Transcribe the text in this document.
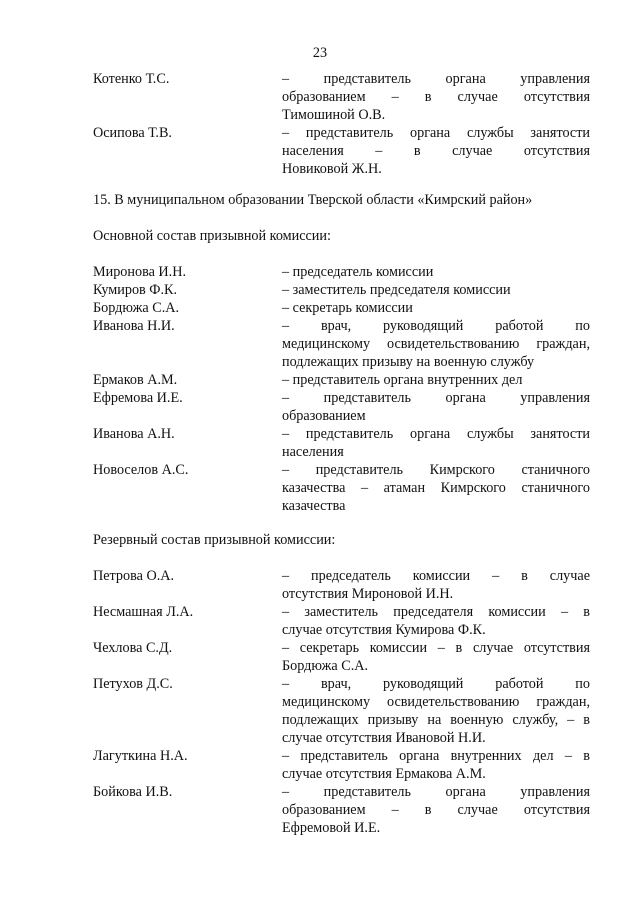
23
Котенко Т.С.	– представитель органа управления
образованием – в случае отсутствия
Тимошиной О.В.
Осипова Т.В.	– представитель органа службы занятости
населения – в случае отсутствия
Новиковой Ж.Н.
15. В муниципальном образовании Тверской области «Кимрский район»
Основной состав призывной комиссии:
Миронова И.Н.	– председатель комиссии
Кумиров Ф.К.	– заместитель председателя комиссии
Бордюжа С.А.	– секретарь комиссии
Иванова Н.И.	– врач, руководящий работой по
медицинскому освидетельствованию граждан,
подлежащих призыву на военную службу
Ермаков А.М.	– представитель органа внутренних дел
Ефремова И.Е.	– представитель органа управления
образованием
Иванова А.Н.	– представитель органа службы занятости
населения
Новоселов А.С.	– представитель Кимрского станичного
казачества – атаман Кимрского станичного
казачества
Резервный состав призывной комиссии:
Петрова О.А.	– председатель комиссии – в случае
отсутствия Мироновой И.Н.
Несмашная Л.А.	– заместитель председателя комиссии – в
случае отсутствия Кумирова Ф.К.
Чехлова С.Д.	– секретарь комиссии – в случае отсутствия
Бордюжа С.А.
Петухов Д.С.	– врач, руководящий работой по
медицинскому освидетельствованию граждан,
подлежащих призыву на военную службу, – в
случае отсутствия Ивановой Н.И.
Лагуткина Н.А.	– представитель органа внутренних дел – в
случае отсутствия Ермакова А.М.
Бойкова И.В.	– представитель органа управления
образованием – в случае отсутствия
Ефремовой И.Е.
